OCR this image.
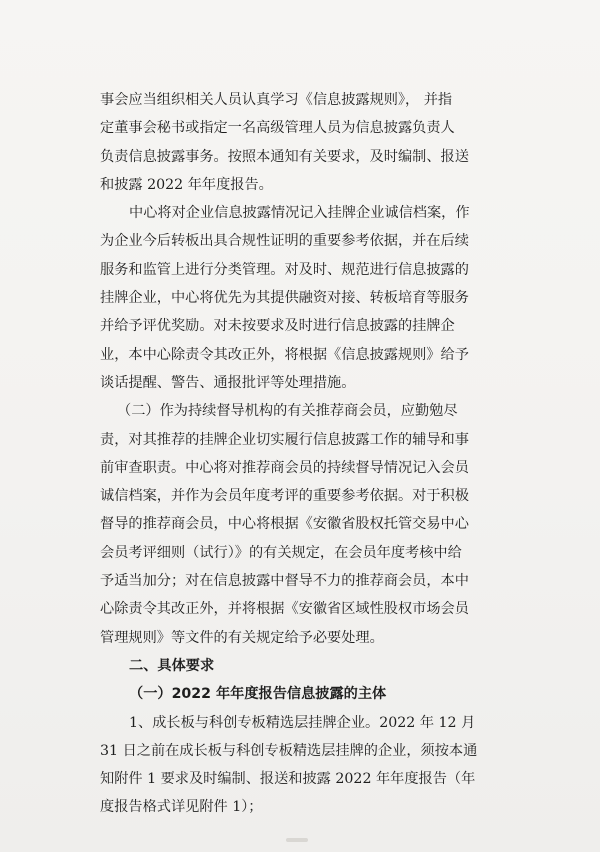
事会应当组织相关人员认真学习《信息披露规则》， 并指
定董事会秘书或指定一名高级管理人员为信息披露负责人
负责信息披露事务。按照本通知有关要求，及时编制、报送
和披露 2022 年年度报告。
中心将对企业信息披露情况记入挂牌企业诚信档案，作
为企业今后转板出具合规性证明的重要参考依据，并在后续
服务和监管上进行分类管理。对及时、规范进行信息披露的
挂牌企业，中心将优先为其提供融资对接、转板培育等服务
并给予评优奖励。对未按要求及时进行信息披露的挂牌企
业，本中心除责令其改正外，将根据《信息披露规则》给予
谈话提醒、警告、通报批评等处理措施。
（二）作为持续督导机构的有关推荐商会员，应勤勉尽
责，对其推荐的挂牌企业切实履行信息披露工作的辅导和事
前审查职责。中心将对推荐商会员的持续督导情况记入会员
诚信档案，并作为会员年度考评的重要参考依据。对于积极
督导的推荐商会员，中心将根据《安徽省股权托管交易中心
会员考评细则（试行）》的有关规定，在会员年度考核中给
予适当加分；对在信息披露中督导不力的推荐商会员，本中
心除责令其改正外，并将根据《安徽省区域性股权市场会员
管理规则》等文件的有关规定给予必要处理。
二、具体要求
（一）2022 年年度报告信息披露的主体
1、成长板与科创专板精选层挂牌企业。2022 年 12 月
31 日之前在成长板与科创专板精选层挂牌的企业，须按本通
知附件 1 要求及时编制、报送和披露 2022 年年度报告（年
度报告格式详见附件 1）；
